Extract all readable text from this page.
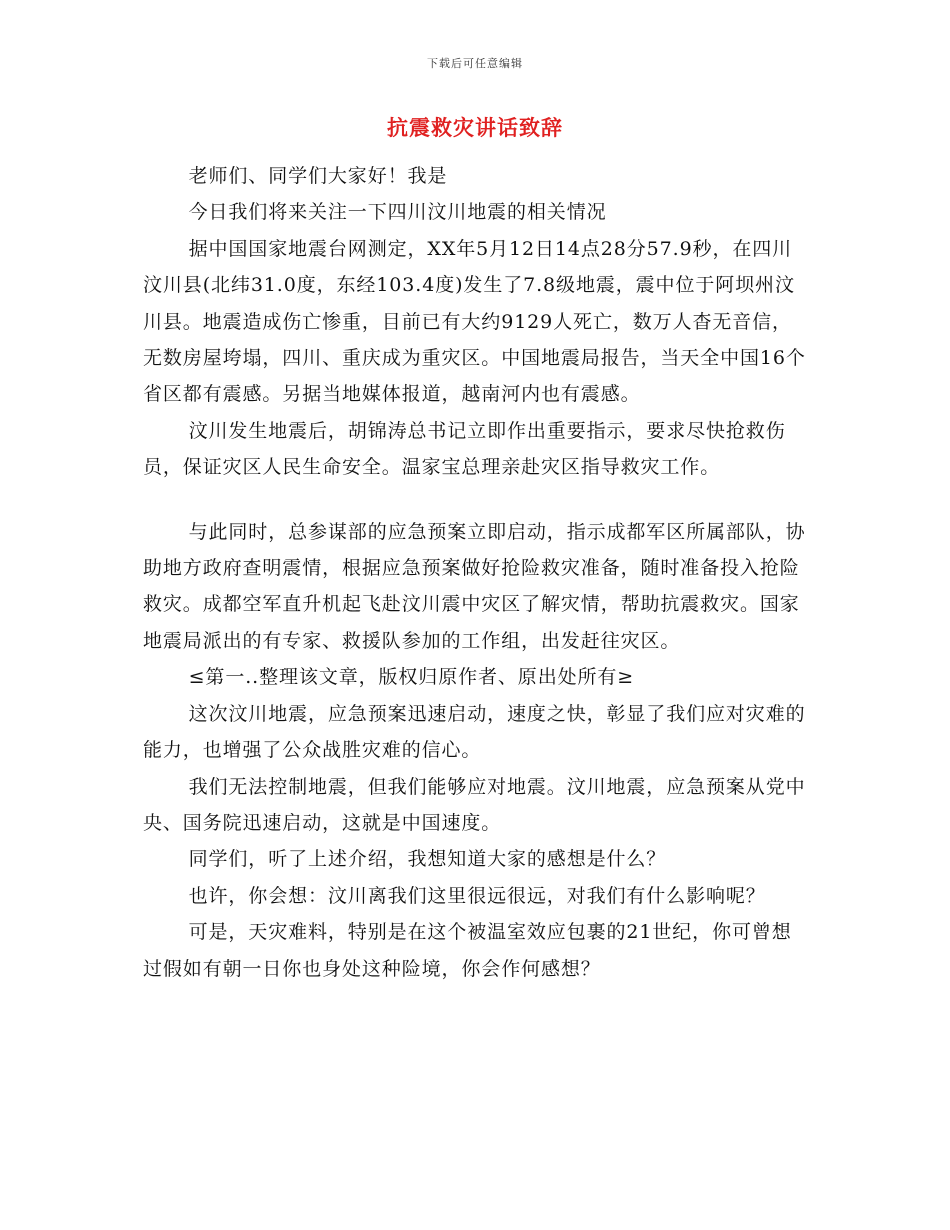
下载后可任意编辑
抗震救灾讲话致辞

老师们、同学们大家好！我是

今日我们将来关注一下四川汶川地震的相关情况

据中国国家地震台网测定，XX年5月12日14点28分57.9秒，在四川汶川县(北纬31.0度，东经103.4度)发生了7.8级地震，震中位于阿坝州汶川县。地震造成伤亡惨重，目前已有大约9129人死亡，数万人杳无音信，无数房屋垮塌，四川、重庆成为重灾区。中国地震局报告，当天全中国16个省区都有震感。另据当地媒体报道，越南河内也有震感。

汶川发生地震后，胡锦涛总书记立即作出重要指示，要求尽快抢救伤员，保证灾区人民生命安全。温家宝总理亲赴灾区指导救灾工作。

与此同时，总参谋部的应急预案立即启动，指示成都军区所属部队，协助地方政府查明震情，根据应急预案做好抢险救灾准备，随时准备投入抢险救灾。成都空军直升机起飞赴汶川震中灾区了解灾情，帮助抗震救灾。国家地震局派出的有专家、救援队参加的工作组，出发赶往灾区。

≤第一..整理该文章，版权归原作者、原出处所有≥

这次汶川地震，应急预案迅速启动，速度之快，彰显了我们应对灾难的能力，也增强了公众战胜灾难的信心。

我们无法控制地震，但我们能够应对地震。汶川地震，应急预案从党中央、国务院迅速启动，这就是中国速度。

同学们，听了上述介绍，我想知道大家的感想是什么？

也许，你会想：汶川离我们这里很远很远，对我们有什么影响呢？

可是，天灾难料，特别是在这个被温室效应包裹的21世纪，你可曾想过假如有朝一日你也身处这种险境，你会作何感想？
